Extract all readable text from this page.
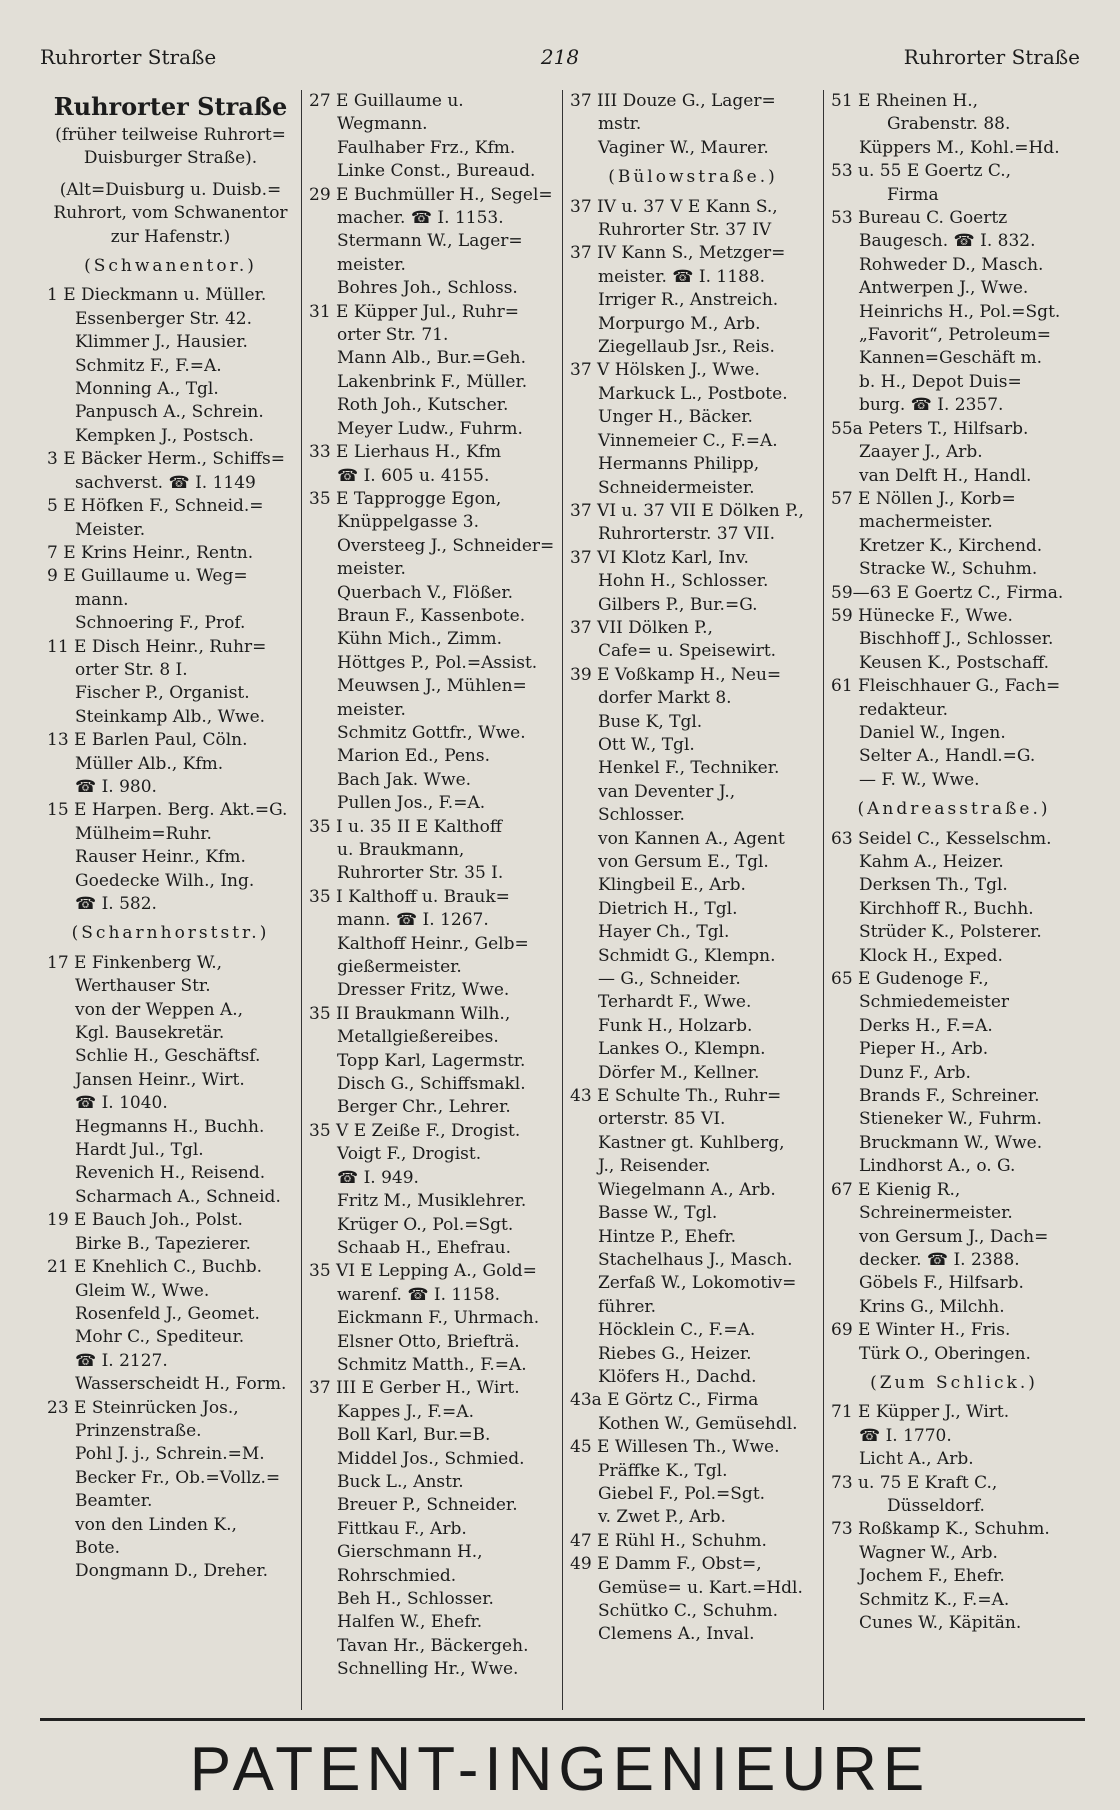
Ruhrorter Straße	218	Ruhrorter Straße
Ruhrorter Straße
(früher teilweise Ruhrort=
Duisburger Straße).
(Alt=Duisburg u. Duisb.=
Ruhrort, vom Schwanentor
zur Hafenstr.)
(Schwanentor.)
1 E Dieckmann u. Müller.
Essenberger Str. 42.
Klimmer J., Hausier.
Schmitz F., F.=A.
Monning A., Tgl.
Panpusch A., Schrein.
Kempken J., Postsch.
3 E Bäcker Herm., Schiffs=
sachverst. ☎ I. 1149
5 E Höfken F., Schneid.=
Meister.
7 E Krins Heinr., Rentn.
9 E Guillaume u. Weg=
mann.
Schnoering F., Prof.
11 E Disch Heinr., Ruhr=
orter Str. 8 I.
Fischer P., Organist.
Steinkamp Alb., Wwe.
13 E Barlen Paul, Cöln.
Müller Alb., Kfm.
☎ I. 980.
15 E Harpen. Berg. Akt.=G.
Mülheim=Ruhr.
Rauser Heinr., Kfm.
Goedecke Wilh., Ing.
☎ I. 582.
(Scharnhorststr.)
17 E Finkenberg W.,
Werthauser Str.
von der Weppen A.,
Kgl. Bausekretär.
Schlie H., Geschäftsf.
Jansen Heinr., Wirt.
☎ I. 1040.
Hegmanns H., Buchh.
Hardt Jul., Tgl.
Revenich H., Reisend.
Scharmach A., Schneid.
19 E Bauch Joh., Polst.
Birke B., Tapezierer.
21 E Knehlich C., Buchb.
Gleim W., Wwe.
Rosenfeld J., Geomet.
Mohr C., Spediteur.
☎ I. 2127.
Wasserscheidt H., Form.
23 E Steinrücken Jos.,
Prinzenstraße.
Pohl J. j., Schrein.=M.
Becker Fr., Ob.=Vollz.=
Beamter.
von den Linden K.,
Bote.
Dongmann D., Dreher.
27 E Guillaume u.
Wegmann.
Faulhaber Frz., Kfm.
Linke Const., Bureaud.
29 E Buchmüller H., Segel=
macher. ☎ I. 1153.
Stermann W., Lager=
meister.
Bohres Joh., Schloss.
31 E Küpper Jul., Ruhr=
orter Str. 71.
Mann Alb., Bur.=Geh.
Lakenbrink F., Müller.
Roth Joh., Kutscher.
Meyer Ludw., Fuhrm.
33 E Lierhaus H., Kfm
☎ I. 605 u. 4155.
35 E Tapprogge Egon,
Knüppelgasse 3.
Oversteeg J., Schneider=
meister.
Querbach V., Flößer.
Braun F., Kassenbote.
Kühn Mich., Zimm.
Höttges P., Pol.=Assist.
Meuwsen J., Mühlen=
meister.
Schmitz Gottfr., Wwe.
Marion Ed., Pens.
Bach Jak. Wwe.
Pullen Jos., F.=A.
35 I u. 35 II E Kalthoff
u. Braukmann,
Ruhrorter Str. 35 I.
35 I Kalthoff u. Brauk=
mann. ☎ I. 1267.
Kalthoff Heinr., Gelb=
gießermeister.
Dresser Fritz, Wwe.
35 II Braukmann Wilh.,
Metallgießereibes.
Topp Karl, Lagermstr.
Disch G., Schiffsmakl.
Berger Chr., Lehrer.
35 V E Zeiße F., Drogist.
Voigt F., Drogist.
☎ I. 949.
Fritz M., Musiklehrer.
Krüger O., Pol.=Sgt.
Schaab H., Ehefrau.
35 VI E Lepping A., Gold=
warenf. ☎ I. 1158.
Eickmann F., Uhrmach.
Elsner Otto, Briefträ.
Schmitz Matth., F.=A.
37 III E Gerber H., Wirt.
Kappes J., F.=A.
Boll Karl, Bur.=B.
Middel Jos., Schmied.
Buck L., Anstr.
Breuer P., Schneider.
Fittkau F., Arb.
Gierschmann H.,
Rohrschmied.
Beh H., Schlosser.
Halfen W., Ehefr.
Tavan Hr., Bäckergeh.
Schnelling Hr., Wwe.
37 III Douze G., Lager=
mstr.
Vaginer W., Maurer.
(Bülowstraße.)
37 IV u. 37 V E Kann S.,
Ruhrorter Str. 37 IV
37 IV Kann S., Metzger=
meister. ☎ I. 1188.
Irriger R., Anstreich.
Morpurgo M., Arb.
Ziegellaub Jsr., Reis.
37 V Hölsken J., Wwe.
Markuck L., Postbote.
Unger H., Bäcker.
Vinnemeier C., F.=A.
Hermanns Philipp,
Schneidermeister.
37 VI u. 37 VII E Dölken P.,
Ruhrorterstr. 37 VII.
37 VI Klotz Karl, Inv.
Hohn H., Schlosser.
Gilbers P., Bur.=G.
37 VII Dölken P.,
Cafe= u. Speisewirt.
39 E Voßkamp H., Neu=
dorfer Markt 8.
Buse K, Tgl.
Ott W., Tgl.
Henkel F., Techniker.
van Deventer J.,
Schlosser.
von Kannen A., Agent
von Gersum E., Tgl.
Klingbeil E., Arb.
Dietrich H., Tgl.
Hayer Ch., Tgl.
Schmidt G., Klempn.
— G., Schneider.
Terhardt F., Wwe.
Funk H., Holzarb.
Lankes O., Klempn.
Dörfer M., Kellner.
43 E Schulte Th., Ruhr=
orterstr. 85 VI.
Kastner gt. Kuhlberg,
J., Reisender.
Wiegelmann A., Arb.
Basse W., Tgl.
Hintze P., Ehefr.
Stachelhaus J., Masch.
Zerfaß W., Lokomotiv=
führer.
Höcklein C., F.=A.
Riebes G., Heizer.
Klöfers H., Dachd.
43a E Görtz C., Firma
Kothen W., Gemüsehdl.
45 E Willesen Th., Wwe.
Präffke K., Tgl.
Giebel F., Pol.=Sgt.
v. Zwet P., Arb.
47 E Rühl H., Schuhm.
49 E Damm F., Obst=,
Gemüse= u. Kart.=Hdl.
Schütko C., Schuhm.
Clemens A., Inval.
51 E Rheinen H.,
Grabenstr. 88.
Küppers M., Kohl.=Hd.
53 u. 55 E Goertz C.,
Firma
53 Bureau C. Goertz
Baugesch. ☎ I. 832.
Rohweder D., Masch.
Antwerpen J., Wwe.
Heinrichs H., Pol.=Sgt.
„Favorit“, Petroleum=
Kannen=Geschäft m.
b. H., Depot Duis=
burg. ☎ I. 2357.
55a Peters T., Hilfsarb.
Zaayer J., Arb.
van Delft H., Handl.
57 E Nöllen J., Korb=
machermeister.
Kretzer K., Kirchend.
Stracke W., Schuhm.
59—63 E Goertz C., Firma.
59 Hünecke F., Wwe.
Bischhoff J., Schlosser.
Keusen K., Postschaff.
61 Fleischhauer G., Fach=
redakteur.
Daniel W., Ingen.
Selter A., Handl.=G.
— F. W., Wwe.
(Andreasstraße.)
63 Seidel C., Kesselschm.
Kahm A., Heizer.
Derksen Th., Tgl.
Kirchhoff R., Buchh.
Strüder K., Polsterer.
Klock H., Exped.
65 E Gudenoge F.,
Schmiedemeister
Derks H., F.=A.
Pieper H., Arb.
Dunz F., Arb.
Brands F., Schreiner.
Stieneker W., Fuhrm.
Bruckmann W., Wwe.
Lindhorst A., o. G.
67 E Kienig R.,
Schreinermeister.
von Gersum J., Dach=
decker. ☎ I. 2388.
Göbels F., Hilfsarb.
Krins G., Milchh.
69 E Winter H., Fris.
Türk O., Oberingen.
(Zum Schlick.)
71 E Küpper J., Wirt.
☎ I. 1770.
Licht A., Arb.
73 u. 75 E Kraft C.,
Düsseldorf.
73 Roßkamp K., Schuhm.
Wagner W., Arb.
Jochem F., Ehefr.
Schmitz K., F.=A.
Cunes W., Käpitän.
PATENT-INGENIEURE
